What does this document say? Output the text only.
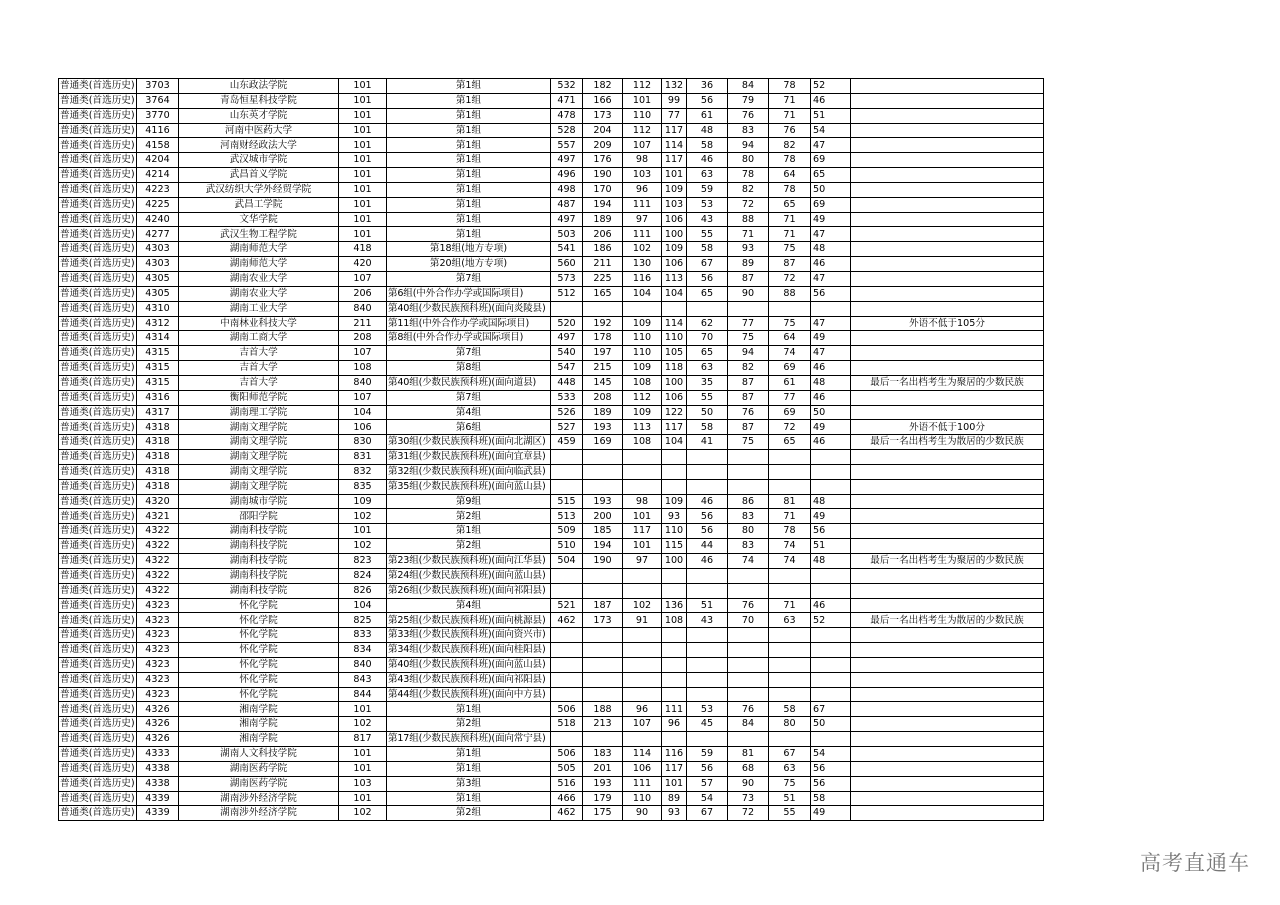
普通类(首选历史)	3703	山东政法学院	101	第1组	532	182	112	132	36	84	78	52	
普通类(首选历史)	3764	青岛恒星科技学院	101	第1组	471	166	101	99	56	79	71	46	
普通类(首选历史)	3770	山东英才学院	101	第1组	478	173	110	77	61	76	71	51	
普通类(首选历史)	4116	河南中医药大学	101	第1组	528	204	112	117	48	83	76	54	
普通类(首选历史)	4158	河南财经政法大学	101	第1组	557	209	107	114	58	94	82	47	
普通类(首选历史)	4204	武汉城市学院	101	第1组	497	176	98	117	46	80	78	69	
普通类(首选历史)	4214	武昌首义学院	101	第1组	496	190	103	101	63	78	64	65	
普通类(首选历史)	4223	武汉纺织大学外经贸学院	101	第1组	498	170	96	109	59	82	78	50	
普通类(首选历史)	4225	武昌工学院	101	第1组	487	194	111	103	53	72	65	69	
普通类(首选历史)	4240	文华学院	101	第1组	497	189	97	106	43	88	71	49	
普通类(首选历史)	4277	武汉生物工程学院	101	第1组	503	206	111	100	55	71	71	47	
普通类(首选历史)	4303	湖南师范大学	418	第18组(地方专项)	541	186	102	109	58	93	75	48	
普通类(首选历史)	4303	湖南师范大学	420	第20组(地方专项)	560	211	130	106	67	89	87	46	
普通类(首选历史)	4305	湖南农业大学	107	第7组	573	225	116	113	56	87	72	47	
普通类(首选历史)	4305	湖南农业大学	206	第6组(中外合作办学或国际项目)	512	165	104	104	65	90	88	56	
普通类(首选历史)	4310	湖南工业大学	840	第40组(少数民族预科班)(面向炎陵县)									
普通类(首选历史)	4312	中南林业科技大学	211	第11组(中外合作办学或国际项目)	520	192	109	114	62	77	75	47	外语不低于105分
普通类(首选历史)	4314	湖南工商大学	208	第8组(中外合作办学或国际项目)	497	178	110	110	70	75	64	49	
普通类(首选历史)	4315	吉首大学	107	第7组	540	197	110	105	65	94	74	47	
普通类(首选历史)	4315	吉首大学	108	第8组	547	215	109	118	63	82	69	46	
普通类(首选历史)	4315	吉首大学	840	第40组(少数民族预科班)(面向道县)	448	145	108	100	35	87	61	48	最后一名出档考生为聚居的少数民族
普通类(首选历史)	4316	衡阳师范学院	107	第7组	533	208	112	106	55	87	77	46	
普通类(首选历史)	4317	湖南理工学院	104	第4组	526	189	109	122	50	76	69	50	
普通类(首选历史)	4318	湖南文理学院	106	第6组	527	193	113	117	58	87	72	49	外语不低于100分
普通类(首选历史)	4318	湖南文理学院	830	第30组(少数民族预科班)(面向北湖区)	459	169	108	104	41	75	65	46	最后一名出档考生为散居的少数民族
普通类(首选历史)	4318	湖南文理学院	831	第31组(少数民族预科班)(面向宜章县)									
普通类(首选历史)	4318	湖南文理学院	832	第32组(少数民族预科班)(面向临武县)									
普通类(首选历史)	4318	湖南文理学院	835	第35组(少数民族预科班)(面向蓝山县)									
普通类(首选历史)	4320	湖南城市学院	109	第9组	515	193	98	109	46	86	81	48	
普通类(首选历史)	4321	邵阳学院	102	第2组	513	200	101	93	56	83	71	49	
普通类(首选历史)	4322	湖南科技学院	101	第1组	509	185	117	110	56	80	78	56	
普通类(首选历史)	4322	湖南科技学院	102	第2组	510	194	101	115	44	83	74	51	
普通类(首选历史)	4322	湖南科技学院	823	第23组(少数民族预科班)(面向江华县)	504	190	97	100	46	74	74	48	最后一名出档考生为聚居的少数民族
普通类(首选历史)	4322	湖南科技学院	824	第24组(少数民族预科班)(面向蓝山县)									
普通类(首选历史)	4322	湖南科技学院	826	第26组(少数民族预科班)(面向祁阳县)									
普通类(首选历史)	4323	怀化学院	104	第4组	521	187	102	136	51	76	71	46	
普通类(首选历史)	4323	怀化学院	825	第25组(少数民族预科班)(面向桃源县)	462	173	91	108	43	70	63	52	最后一名出档考生为散居的少数民族
普通类(首选历史)	4323	怀化学院	833	第33组(少数民族预科班)(面向资兴市)									
普通类(首选历史)	4323	怀化学院	834	第34组(少数民族预科班)(面向桂阳县)									
普通类(首选历史)	4323	怀化学院	840	第40组(少数民族预科班)(面向蓝山县)									
普通类(首选历史)	4323	怀化学院	843	第43组(少数民族预科班)(面向祁阳县)									
普通类(首选历史)	4323	怀化学院	844	第44组(少数民族预科班)(面向中方县)									
普通类(首选历史)	4326	湘南学院	101	第1组	506	188	96	111	53	76	58	67	
普通类(首选历史)	4326	湘南学院	102	第2组	518	213	107	96	45	84	80	50	
普通类(首选历史)	4326	湘南学院	817	第17组(少数民族预科班)(面向常宁县)									
普通类(首选历史)	4333	湖南人文科技学院	101	第1组	506	183	114	116	59	81	67	54	
普通类(首选历史)	4338	湖南医药学院	101	第1组	505	201	106	117	56	68	63	56	
普通类(首选历史)	4338	湖南医药学院	103	第3组	516	193	111	101	57	90	75	56	
普通类(首选历史)	4339	湖南涉外经济学院	101	第1组	466	179	110	89	54	73	51	58	
普通类(首选历史)	4339	湖南涉外经济学院	102	第2组	462	175	90	93	67	72	55	49	
高考直通车
